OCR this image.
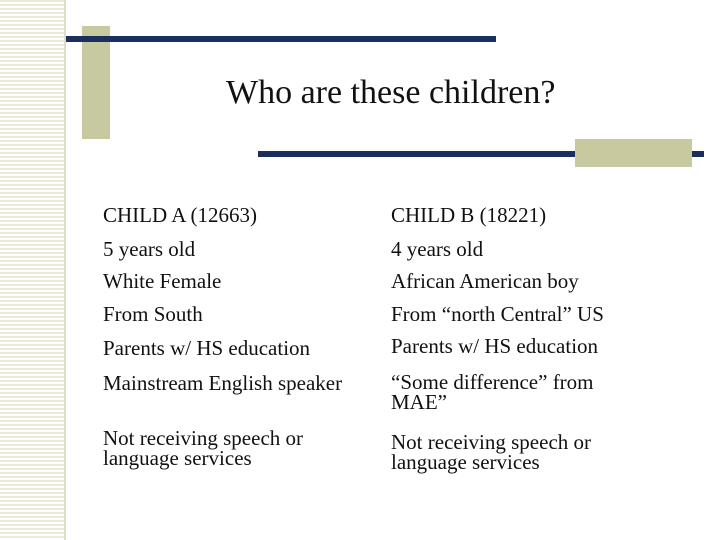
Who are these children?
CHILD A (12663)
5 years old
White Female
From South
Parents w/ HS education
Mainstream English speaker
Not receiving speech or language services
CHILD B (18221)
4 years old
African American boy
From “north Central” US
Parents w/ HS education
“Some difference” from MAE”
Not receiving speech or language services
